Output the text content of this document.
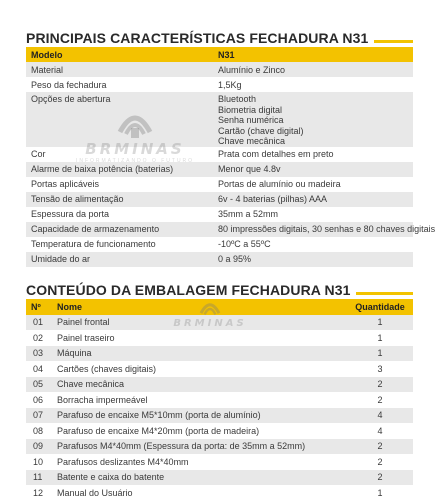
PRINCIPAIS CARACTERÍSTICAS FECHADURA N31
Modelo	N31
Material	Alumínio e Zinco
Peso da fechadura	1,5Kg
Opções de abertura	Bluetooth
Biometria digital
Senha numérica
Cartão (chave digital)
Chave mecânica

Cor	Prata com detalhes em preto
Alarme de baixa potência (baterias)	Menor que 4.8v
Portas aplicáveis	Portas de alumínio ou madeira
Tensão de alimentação	6v - 4 baterias (pilhas) AAA
Espessura da porta	35mm a 52mm
Capacidade de armazenamento	80 impressões digitais, 30 senhas e 80 chaves digitais
Temperatura de funcionamento	-10ºC a 55ºC
Umidade do ar	0 a 95%
CONTEÚDO DA EMBALAGEM FECHADURA N31
Nº	Nome	Quantidade
01	Painel frontal	1
02	Painel traseiro	1
03	Máquina	1
04	Cartões (chaves digitais)	3
05	Chave mecânica	2
06	Borracha impermeável	2
07	Parafuso de encaixe M5*10mm (porta de alumínio)	4
08	Parafuso de encaixe M4*20mm (porta de madeira)	4
09	Parafusos M4*40mm (Espessura da porta: de 35mm a 52mm)	2
10	Parafusos deslizantes M4*40mm	2
11	Batente e caixa do batente	2
12	Manual do Usuário	1
BRMINAS
INFORMATIZANDO O FUTURO
BRMINAS
